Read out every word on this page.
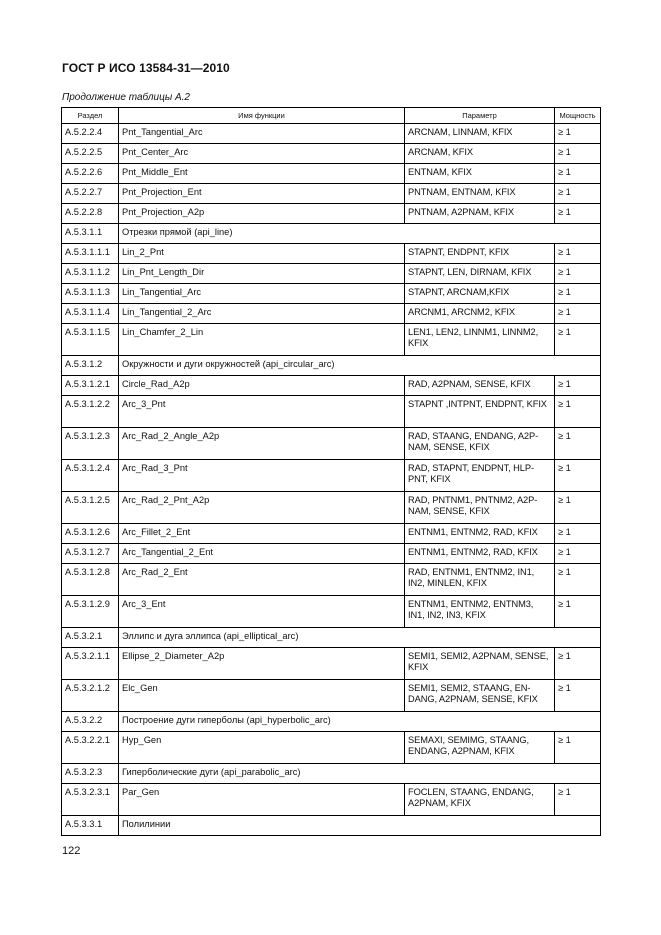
ГОСТ Р ИСО 13584-31—2010
Продолжение таблицы А.2
Раздел	Имя функции	Параметр	Мощность
A.5.2.2.4	Pnt_Tangential_Arc	ARCNAM, LINNAM, KFIX	≥ 1
A.5.2.2.5	Pnt_Center_Arc	ARCNAM, KFIX	≥ 1
A.5.2.2.6	Pnt_Middle_Ent	ENTNAM, KFIX	≥ 1
A.5.2.2.7	Pnt_Projection_Ent	PNTNAM, ENTNAM, KFIX	≥ 1
A.5.2.2.8	Pnt_Projection_A2p	PNTNAM, A2PNAM, KFIX	≥ 1
A.5.3.1.1	Отрезки прямой (api_line)		
A.5.3.1.1.1	Lin_2_Pnt	STAPNT, ENDPNT, KFIX	≥ 1
A.5.3.1.1.2	Lin_Pnt_Length_Dir	STAPNT, LEN, DIRNAM, KFIX	≥ 1
A.5.3.1.1.3	Lin_Tangential_Arc	STAPNT, ARCNAM,KFIX	≥ 1
A.5.3.1.1.4	Lin_Tangential_2_Arc	ARCNM1, ARCNM2, KFIX	≥ 1
A.5.3.1.1.5	Lin_Chamfer_2_Lin	LEN1, LEN2, LINNM1, LINNM2, KFIX	≥ 1
A.5.3.1.2	Окружности и дуги окружностей (api_circular_arc)		
A.5.3.1.2.1	Circle_Rad_A2p	RAD, A2PNAM, SENSE, KFIX	≥ 1
A.5.3.1.2.2	Arc_3_Pnt	STAPNT ,INTPNT, ENDPNT, KFIX	≥ 1
A.5.3.1.2.3	Arc_Rad_2_Angle_A2p	RAD, STAANG, ENDANG, A2P-NAM, SENSE, KFIX	≥ 1
A.5.3.1.2.4	Arc_Rad_3_Pnt	RAD, STAPNT, ENDPNT, HLP-PNT, KFIX	≥ 1
A.5.3.1.2.5	Arc_Rad_2_Pnt_A2p	RAD, PNTNM1, PNTNM2, A2P-NAM, SENSE, KFIX	≥ 1
A.5.3.1.2.6	Arc_Fillet_2_Ent	ENTNM1, ENTNM2, RAD, KFIX	≥ 1
A.5.3.1.2.7	Arc_Tangential_2_Ent	ENTNM1, ENTNM2, RAD, KFIX	≥ 1
A.5.3.1.2.8	Arc_Rad_2_Ent	RAD, ENTNM1, ENTNM2, IN1, IN2, MINLEN, KFIX	≥ 1
A.5.3.1.2.9	Arc_3_Ent	ENTNM1, ENTNM2, ENTNM3, IN1, IN2, IN3, KFIX	≥ 1
A.5.3.2.1	Эллипс и дуга эллипса (api_elliptical_arc)		
A.5.3.2.1.1	Ellipse_2_Diameter_A2p	SEMI1, SEMI2, A2PNAM, SENSE, KFIX	≥ 1
A.5.3.2.1.2	Elc_Gen	SEMI1, SEMI2, STAANG, EN-DANG, A2PNAM, SENSE, KFIX	≥ 1
A.5.3.2.2	Построение дуги гиперболы (api_hyperbolic_arc)		
A.5.3.2.2.1	Hyp_Gen	SEMAXI, SEMIMG, STAANG, ENDANG, A2PNAM, KFIX	≥ 1
A.5.3.2.3	Гиперболические дуги (api_parabolic_arc)		
A.5.3.2.3.1	Par_Gen	FOCLEN, STAANG, ENDANG, A2PNAM, KFIX	≥ 1
A.5.3.3.1	Полилинии		
122
